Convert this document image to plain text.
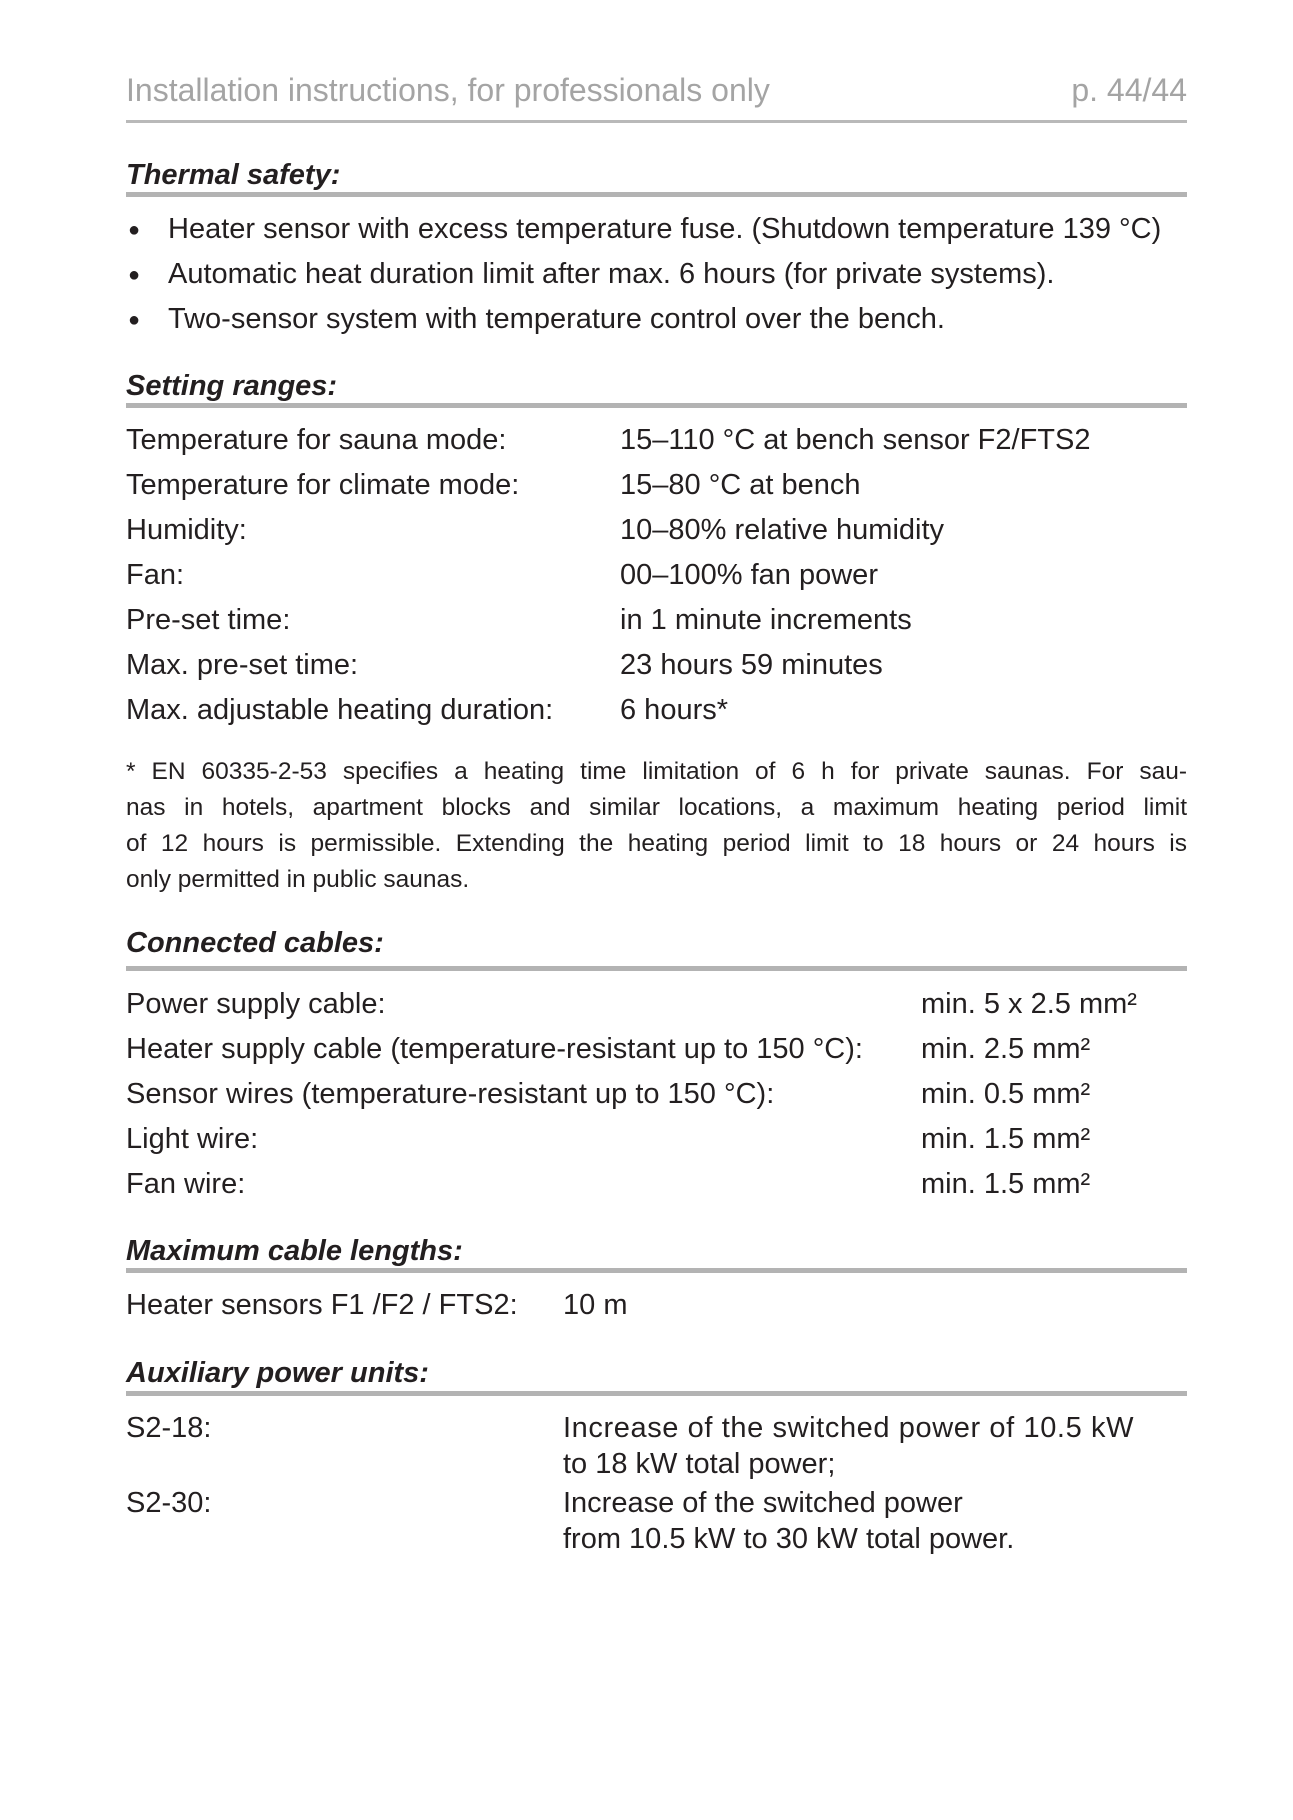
Installation instructions, for professionals only	p. 44/44
Thermal safety:
● Heater sensor with excess temperature fuse. (Shutdown temperature 139 °C)
● Automatic heat duration limit after max. 6 hours (for private systems).
● Two-sensor system with temperature control over the bench.
Setting ranges:
Temperature for sauna mode:	15–110 °C at bench sensor F2/FTS2
Temperature for climate mode:	15–80 °C at bench
Humidity:	10–80% relative humidity
Fan:	00–100% fan power
Pre-set time:	in 1 minute increments
Max. pre-set time:	23 hours 59 minutes
Max. adjustable heating duration: 6 hours*
* EN 60335-2-53 specifies a heating time limitation of 6 h for private saunas. For sau-
nas in hotels, apartment blocks and similar locations, a maximum heating period limit
of 12 hours is permissible. Extending the heating period limit to 18 hours or 24 hours is
only permitted in public saunas.
Connected cables:
Power supply cable:	min. 5 x 2.5 mm²
Heater supply cable (temperature-resistant up to 150 °C): min. 2.5 mm²
Sensor wires (temperature-resistant up to 150 °C):	min. 0.5 mm²
Light wire:	min. 1.5 mm²
Fan wire:	min. 1.5 mm²
Maximum cable lengths:
Heater sensors F1 /F2 / FTS2: 10 m
Auxiliary power units:
S2-18:	Increase of the switched power of 10.5 kW
to 18 kW total power;
S2-30:	Increase of the switched power
from 10.5 kW to 30 kW total power.
